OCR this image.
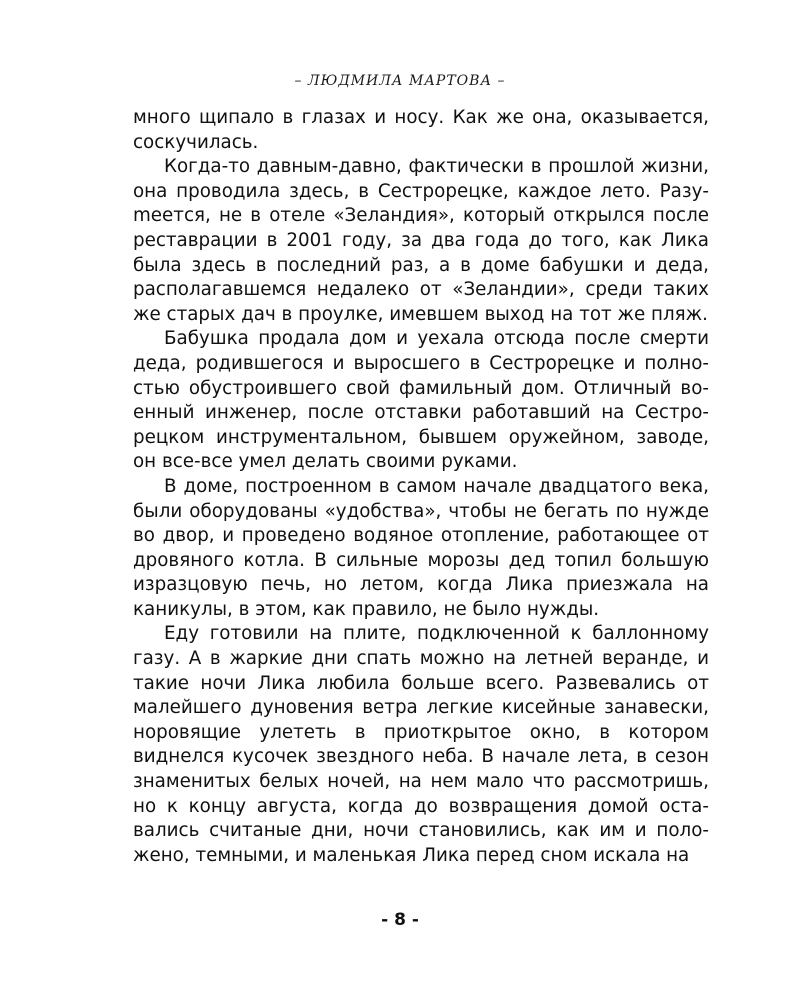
– ЛЮДМИЛА МАРТОВА –

много щипало в глазах и носу. Как же она, оказывается, соскучилась.

Когда-то давным-давно, фактически в прошлой жизни, она проводила здесь, в Сестрорецке, каждое лето. Разуmеется, не в отеле «Зеландия», который открылся после реставрации в 2001 году, за два года до того, как Лика была здесь в последний раз, а в доме бабушки и деда, располагавшемся недалеко от «Зеландии», среди таких же старых дач в проулке, имевшем выход на тот же пляж.

Бабушка продала дом и уехала отсюда после смерти деда, родившегося и выросшего в Сестрорецке и полностью обустроившего свой фамильный дом. Отличный военный инженер, после отставки работавший на Сестрорецком инструментальном, бывшем оружейном, заводе, он все-все умел делать своими руками.

В доме, построенном в самом начале двадцатого века, были оборудованы «удобства», чтобы не бегать по нужде во двор, и проведено водяное отопление, работающее от дровяного котла. В сильные морозы дед топил большую изразцовую печь, но летом, когда Лика приезжала на каникулы, в этом, как правило, не было нужды.

Еду готовили на плите, подключенной к баллонному газу. А в жаркие дни спать можно на летней веранде, и такие ночи Лика любила больше всего. Развевались от малейшего дуновения ветра легкие кисейные занавески, норовящие улететь в приоткрытое окно, в котором виднелся кусочек звездного неба. В начале лета, в сезон знаменитых белых ночей, на нем мало что рассмотришь, но к концу августа, когда до возвращения домой оставались считаные дни, ночи становились, как им и положено, темными, и маленькая Лика перед сном искала на

- 8 -
